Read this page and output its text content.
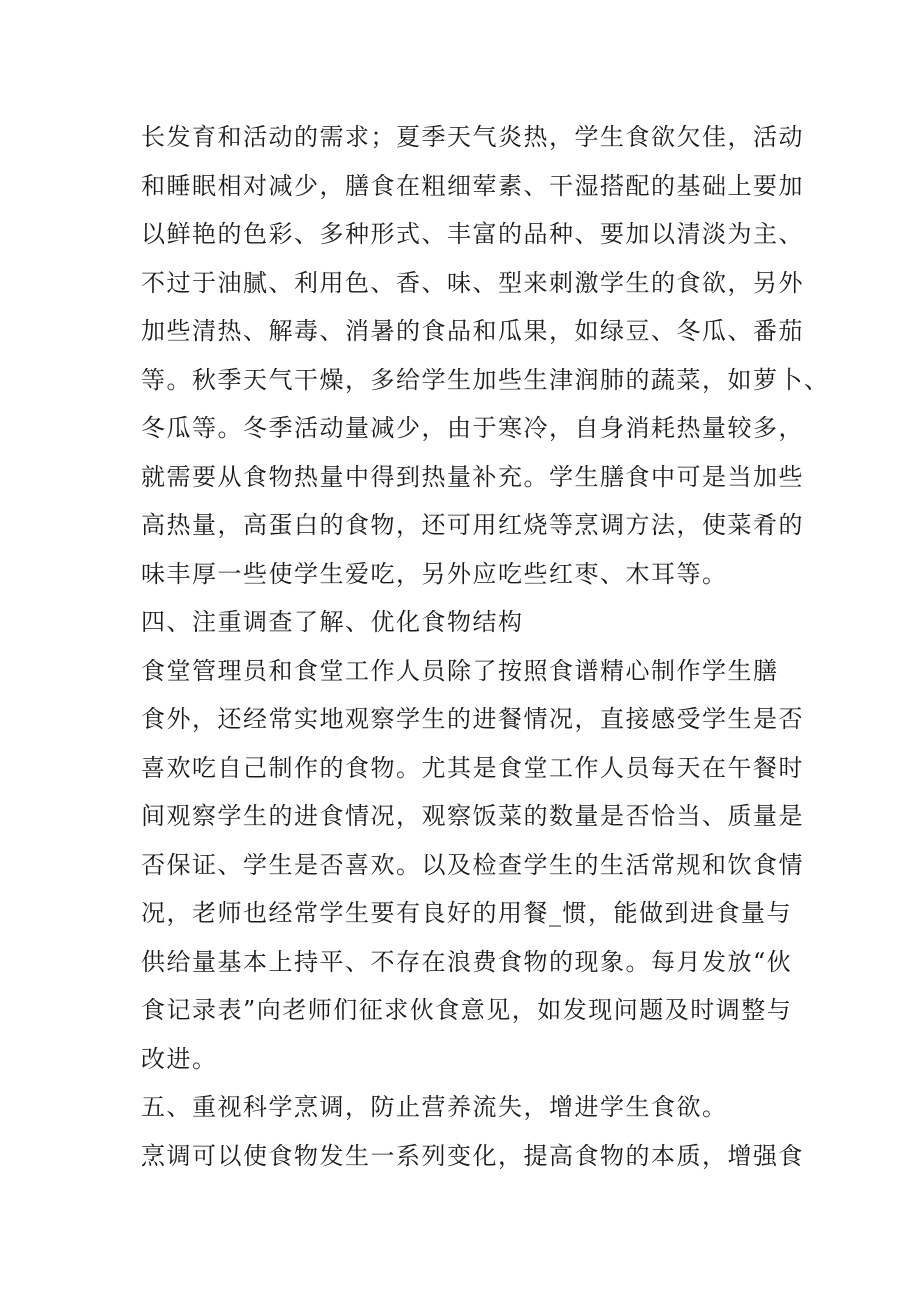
长发育和活动的需求；夏季天气炎热，学生食欲欠佳，活动
和睡眠相对减少，膳食在粗细荤素、干湿搭配的基础上要加
以鲜艳的色彩、多种形式、丰富的品种、要加以清淡为主、
不过于油腻、利用色、香、味、型来刺激学生的食欲，另外
加些清热、解毒、消暑的食品和瓜果，如绿豆、冬瓜、番茄
等。秋季天气干燥，多给学生加些生津润肺的蔬菜，如萝卜、
冬瓜等。冬季活动量减少，由于寒冷，自身消耗热量较多，
就需要从食物热量中得到热量补充。学生膳食中可是当加些
高热量，高蛋白的食物，还可用红烧等烹调方法，使菜肴的
味丰厚一些使学生爱吃，另外应吃些红枣、木耳等。
四、注重调查了解、优化食物结构
食堂管理员和食堂工作人员除了按照食谱精心制作学生膳
食外，还经常实地观察学生的进餐情况，直接感受学生是否
喜欢吃自己制作的食物。尤其是食堂工作人员每天在午餐时
间观察学生的进食情况，观察饭菜的数量是否恰当、质量是
否保证、学生是否喜欢。以及检查学生的生活常规和饮食情
况，老师也经常学生要有良好的用餐_惯，能做到进食量与
供给量基本上持平、不存在浪费食物的现象。每月发放“伙
食记录表”向老师们征求伙食意见，如发现问题及时调整与
改进。
五、重视科学烹调，防止营养流失，增进学生食欲。
烹调可以使食物发生一系列变化，提高食物的本质，增强食
